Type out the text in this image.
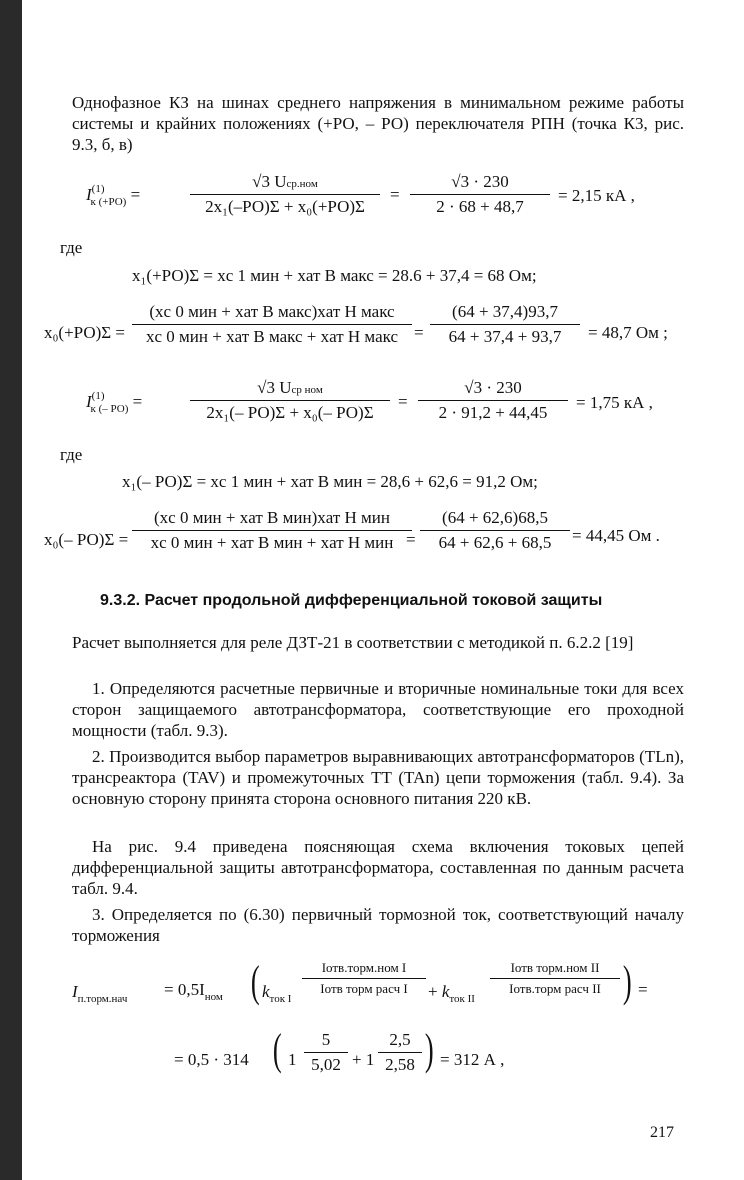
Однофазное КЗ на шинах среднего напряжения в минимальном режиме работы системы и крайних положениях (+РО, – РО) переключателя РПН (точка К3, рис. 9.3, б, в)

$I^{(1)}_{к (+РО)}$ =
√3 Uср.ном
2x₁(–РО)Σ + x₀(+РО)Σ
=
√3 · 230
2 · 68 + 48,7
= 2,15 кА ,
где
x₁(+РО)Σ = xс 1 мин + xат В макс = 28.6 + 37,4 = 68 Ом;
x₀(+РО)Σ =
(xс 0 мин + xат В макс)xат Н макс
xс 0 мин + xат В макс + xат Н макс =
(64 + 37,4)93,7
64 + 37,4 + 93,7	= 48,7 Ом ;
$I^{(1)}_{к (- РО)}$ =
√3 Uср ном
2x₁(– РО)Σ + x₀(– РО)Σ
=
√3 · 230
2 · 91,2 + 44,45
= 1,75 кА ,
где
x₁(– РО)Σ = xс 1 мин + xат В мин = 28,6 + 62,6 = 91,2 Ом;
x₀(– РО)Σ =
(xс 0 мин + xат В мин)xат Н мин
xс 0 мин + xат В мин + xат Н мин =
(64 + 62,6)68,5
64 + 62,6 + 68,5	= 44,45 Ом .
9.3.2. Расчет продольной дифференциальной токовой защиты

Расчет выполняется для реле ДЗТ-21 в соответствии с методикой п. 6.2.2 [19]

1. Определяются расчетные первичные и вторичные номинальные токи для всех сторон защищаемого автотрансформатора, соответствующие его проходной мощности (табл. 9.3).

2. Производится выбор параметров выравнивающих автотрансформаторов (TLn), трансреактора (TAV) и промежуточных ТТ (TAn) цепи торможения (табл. 9.4). За основную сторону принята сторона основного питания 220 кВ.

На рис. 9.4 приведена поясняющая схема включения токовых цепей дифференциальной защиты автотрансформатора, составленная по данным расчета табл. 9.4.

3. Определяется по (6.30) первичный тормозной ток, соответствующий началу торможения

$I_{п.торм.нач} = 0,5I_{ном}$ ( $k_{ток I}$
Iотв.торм.ном I
Iотв торм расч I	+ $k_{ток II}$
Iотв торм.ном II
Iотв.торм расч II ) =
= 0,5 · 314 ( 1
5
5,02 + 1
2,5
2,58 ) = 312 А ,
217
